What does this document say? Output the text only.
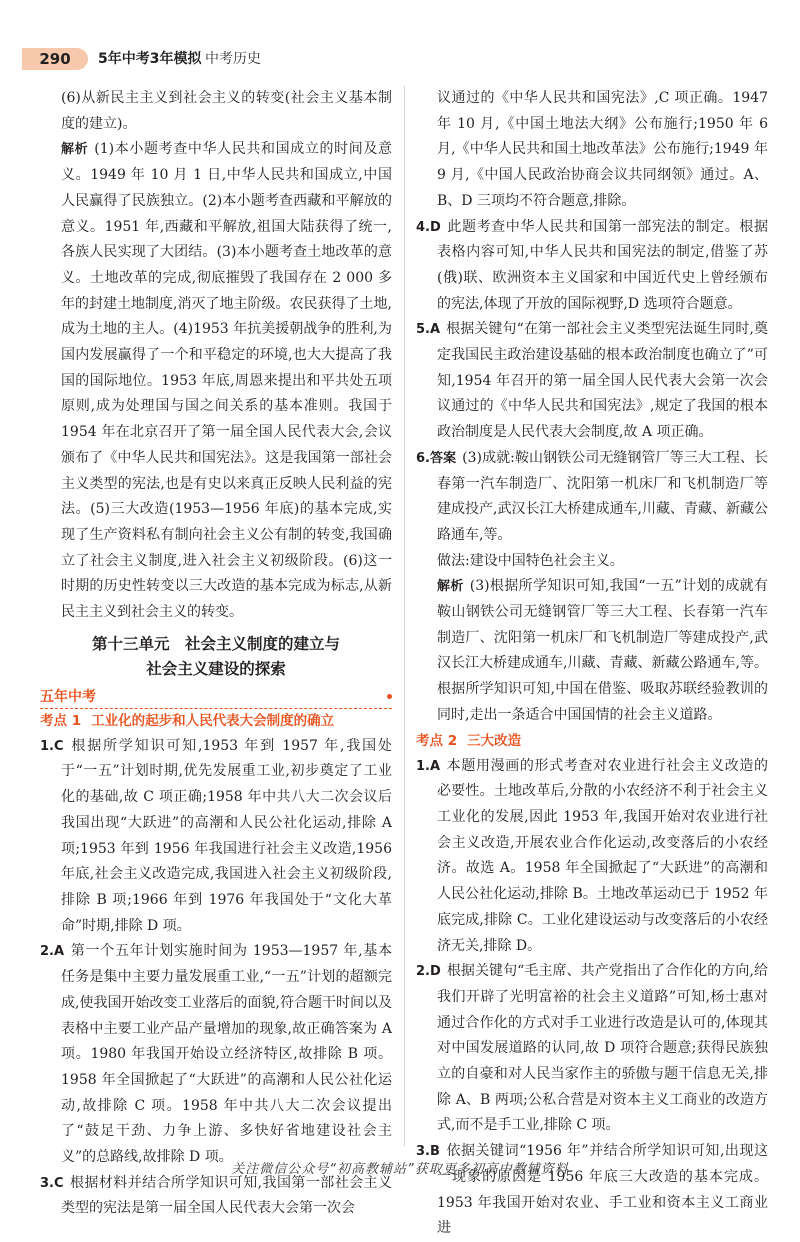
290	5年中考3年模拟 中考历史

(6)从新民主主义到社会主义的转变(社会主义基本制度的建立)。

解析 (1)本小题考查中华人民共和国成立的时间及意义。1949 年 10 月 1 日,中华人民共和国成立,中国人民赢得了民族独立。(2)本小题考查西藏和平解放的意义。1951 年,西藏和平解放,祖国大陆获得了统一,各族人民实现了大团结。(3)本小题考查土地改革的意义。土地改革的完成,彻底摧毁了我国存在 2 000 多年的封建土地制度,消灭了地主阶级。农民获得了土地,成为土地的主人。(4)1953 年抗美援朝战争的胜利,为国内发展赢得了一个和平稳定的环境,也大大提高了我国的国际地位。1953 年底,周恩来提出和平共处五项原则,成为处理国与国之间关系的基本准则。我国于 1954 年在北京召开了第一届全国人民代表大会,会议颁布了《中华人民共和国宪法》。这是我国第一部社会主义类型的宪法,也是有史以来真正反映人民利益的宪法。(5)三大改造(1953—1956 年底)的基本完成,实现了生产资料私有制向社会主义公有制的转变,我国确立了社会主义制度,进入社会主义初级阶段。(6)这一时期的历史性转变以三大改造的基本完成为标志,从新民主主义到社会主义的转变。

第十三单元　社会主义制度的建立与
社会主义建设的探索
五年中考
考点 1 工业化的起步和人民代表大会制度的确立

1.C 根据所学知识可知,1953 年到 1957 年,我国处于“一五”计划时期,优先发展重工业,初步奠定了工业化的基础,故 C 项正确;1958 年中共八大二次会议后我国出现“大跃进”的高潮和人民公社化运动,排除 A 项;1953 年到 1956 年我国进行社会主义改造,1956 年底,社会主义改造完成,我国进入社会主义初级阶段,排除 B 项;1966 年到 1976 年我国处于“文化大革命”时期,排除 D 项。

2.A 第一个五年计划实施时间为 1953—1957 年,基本任务是集中主要力量发展重工业,“一五”计划的超额完成,使我国开始改变工业落后的面貌,符合题干时间以及表格中主要工业产品产量增加的现象,故正确答案为 A 项。1980 年我国开始设立经济特区,故排除 B 项。1958 年全国掀起了“大跃进”的高潮和人民公社化运动,故排除 C 项。1958 年中共八大二次会议提出了“鼓足干劲、力争上游、多快好省地建设社会主义”的总路线,故排除 D 项。

3.C 根据材料并结合所学知识可知,我国第一部社会主义类型的宪法是第一届全国人民代表大会第一次会

议通过的《中华人民共和国宪法》,C 项正确。1947 年 10 月,《中国土地法大纲》公布施行;1950 年 6 月,《中华人民共和国土地改革法》公布施行;1949 年 9 月,《中国人民政治协商会议共同纲领》通过。A、B、D 三项均不符合题意,排除。

4.D 此题考查中华人民共和国第一部宪法的制定。根据表格内容可知,中华人民共和国宪法的制定,借鉴了苏(俄)联、欧洲资本主义国家和中国近代史上曾经颁布的宪法,体现了开放的国际视野,D 选项符合题意。

5.A 根据关键句“在第一部社会主义类型宪法诞生同时,奠定我国民主政治建设基础的根本政治制度也确立了”可知,1954 年召开的第一届全国人民代表大会第一次会议通过的《中华人民共和国宪法》,规定了我国的根本政治制度是人民代表大会制度,故 A 项正确。

6.答案 (3)成就:鞍山钢铁公司无缝钢管厂等三大工程、长春第一汽车制造厂、沈阳第一机床厂和飞机制造厂等建成投产,武汉长江大桥建成通车,川藏、青藏、新藏公路通车,等。

做法:建设中国特色社会主义。

解析 (3)根据所学知识可知,我国“一五”计划的成就有鞍山钢铁公司无缝钢管厂等三大工程、长春第一汽车制造厂、沈阳第一机床厂和飞机制造厂等建成投产,武汉长江大桥建成通车,川藏、青藏、新藏公路通车,等。根据所学知识可知,中国在借鉴、吸取苏联经验教训的同时,走出一条适合中国国情的社会主义道路。

考点 2 三大改造

1.A 本题用漫画的形式考查对农业进行社会主义改造的必要性。土地改革后,分散的小农经济不利于社会主义工业化的发展,因此 1953 年,我国开始对农业进行社会主义改造,开展农业合作化运动,改变落后的小农经济。故选 A。1958 年全国掀起了“大跃进”的高潮和人民公社化运动,排除 B。土地改革运动已于 1952 年底完成,排除 C。工业化建设运动与改变落后的小农经济无关,排除 D。

2.D 根据关键句“毛主席、共产党指出了合作化的方向,给我们开辟了光明富裕的社会主义道路”可知,杨士惠对通过合作化的方式对手工业进行改造是认可的,体现其对中国发展道路的认同,故 D 项符合题意;获得民族独立的自豪和对人民当家作主的骄傲与题干信息无关,排除 A、B 两项;公私合营是对资本主义工商业的改造方式,而不是手工业,排除 C 项。

3.B 依据关键词“1956 年”并结合所学知识可知,出现这一现象的原因是 1956 年底三大改造的基本完成。1953 年我国开始对农业、手工业和资本主义工商业进

关注微信公众号“初高教辅站”获取更多初高中教辅资料
